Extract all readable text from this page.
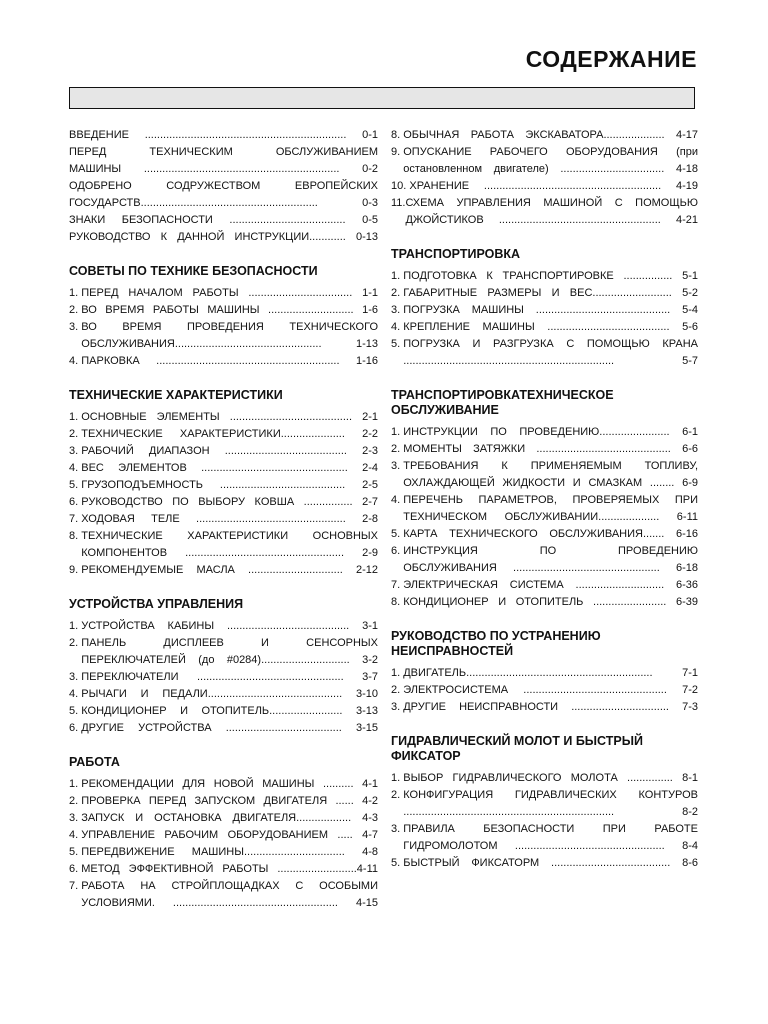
СОДЕРЖАНИЕ
ВВЕДЕНИЕ .................................................................. 0-1
ПЕРЕД ТЕХНИЧЕСКИМ ОБСЛУЖИВАНИЕМ
МАШИНЫ ................................................................ 0-2
ОДОБРЕНО СОДРУЖЕСТВОМ ЕВРОПЕЙСКИХ
ГОСУДАРСТВ.......................................................... 0-3
ЗНАКИ БЕЗОПАСНОСТИ ...................................... 0-5
РУКОВОДСТВО К ДАННОЙ ИНСТРУКЦИИ............ 0-13
СОВЕТЫ ПО ТЕХНИКЕ БЕЗОПАСНОСТИ
1. ПЕРЕД НАЧАЛОМ РАБОТЫ .................................. 1-1
2. ВО ВРЕМЯ РАБОТЫ МАШИНЫ ............................ 1-6
3. ВО ВРЕМЯ ПРОВЕДЕНИЯ ТЕХНИЧЕСКОГО
ОБСЛУЖИВАНИЯ................................................ 1-13
4. ПАРКОВКА ............................................................ 1-16
ТЕХНИЧЕСКИЕ ХАРАКТЕРИСТИКИ
1. ОСНОВНЫЕ ЭЛЕМЕНТЫ ........................................ 2-1
2. ТЕХНИЧЕСКИЕ ХАРАКТЕРИСТИКИ..................... 2-2
3. РАБОЧИЙ ДИАПАЗОН ........................................ 2-3
4. ВЕС ЭЛЕМЕНТОВ ................................................ 2-4
5. ГРУЗОПОДЪЕМНОСТЬ ......................................... 2-5
6. РУКОВОДСТВО ПО ВЫБОРУ КОВША ................ 2-7
7. ХОДОВАЯ ТЕЛЕ ................................................. 2-8
8. ТЕХНИЧЕСКИЕ ХАРАКТЕРИСТИКИ ОСНОВНЫХ
КОМПОНЕНТОВ .................................................... 2-9
9. РЕКОМЕНДУЕМЫЕ МАСЛА ............................... 2-12
УСТРОЙСТВА УПРАВЛЕНИЯ
1. УСТРОЙСТВА КАБИНЫ ........................................ 3-1
2. ПАНЕЛЬ ДИСПЛЕЕВ И СЕНСОРНЫХ
ПЕРЕКЛЮЧАТЕЛЕЙ (до #0284)............................. 3-2
3. ПЕРЕКЛЮЧАТЕЛИ ................................................ 3-7
4. РЫЧАГИ И ПЕДАЛИ............................................ 3-10
5. КОНДИЦИОНЕР И ОТОПИТЕЛЬ........................ 3-13
6. ДРУГИЕ УСТРОЙСТВА ...................................... 3-15
РАБОТА
1. РЕКОМЕНДАЦИИ ДЛЯ НОВОЙ МАШИНЫ .......... 4-1
2. ПРОВЕРКА ПЕРЕД ЗАПУСКОМ ДВИГАТЕЛЯ ...... 4-2
3. ЗАПУСК И ОСТАНОВКА ДВИГАТЕЛЯ.................. 4-3
4. УПРАВЛЕНИЕ РАБОЧИМ ОБОРУДОВАНИЕМ ..... 4-7
5. ПЕРЕДВИЖЕНИЕ МАШИНЫ................................. 4-8
6. МЕТОД ЭФФЕКТИВНОЙ РАБОТЫ ..........................4-11
7. РАБОТА НА СТРОЙПЛОЩАДКАХ С ОСОБЫМИ
УСЛОВИЯМИ. ...................................................... 4-15
8. ОБЫЧНАЯ РАБОТА ЭКСКАВАТОРА.................... 4-17
9. ОПУСКАНИЕ РАБОЧЕГО ОБОРУДОВАНИЯ (при
остановленном двигателе) .................................. 4-18
10. ХРАНЕНИЕ .......................................................... 4-19
11. СХЕМА УПРАВЛЕНИЯ МАШИНОЙ С ПОМОЩЬЮ
ДЖОЙСТИКОВ ..................................................... 4-21
ТРАНСПОРТИРОВКА
1. ПОДГОТОВКА К ТРАНСПОРТИРОВКЕ ................ 5-1
2. ГАБАРИТНЫЕ РАЗМЕРЫ И ВЕС.......................... 5-2
3. ПОГРУЗКА МАШИНЫ ............................................ 5-4
4. КРЕПЛЕНИЕ МАШИНЫ ........................................ 5-6
5. ПОГРУЗКА И РАЗГРУЗКА С ПОМОЩЬЮ КРАНА
..................................................................... 5-7
ТРАНСПОРТИРОВКАТЕХНИЧЕСКОЕ ОБСЛУЖИВАНИЕ
1. ИНСТРУКЦИИ ПО ПРОВЕДЕНИЮ....................... 6-1
2. МОМЕНТЫ ЗАТЯЖКИ ............................................ 6-6
3. ТРЕБОВАНИЯ К ПРИМЕНЯЕМЫМ ТОПЛИВУ,
ОХЛАЖДАЮЩЕЙ ЖИДКОСТИ И СМАЗКАМ ........ 6-9
4. ПЕРЕЧЕНЬ ПАРАМЕТРОВ, ПРОВЕРЯЕМЫХ ПРИ
ТЕХНИЧЕСКОМ ОБСЛУЖИВАНИИ.................... 6-11
5. КАРТА ТЕХНИЧЕСКОГО ОБСЛУЖИВАНИЯ....... 6-16
6. ИНСТРУКЦИЯ ПО ПРОВЕДЕНИЮ
ОБСЛУЖИВАНИЯ ................................................ 6-18
7. ЭЛЕКТРИЧЕСКАЯ СИСТЕМА ............................. 6-36
8. КОНДИЦИОНЕР И ОТОПИТЕЛЬ ........................ 6-39
РУКОВОДСТВО ПО УСТРАНЕНИЮ НЕИСПРАВНОСТЕЙ
1. ДВИГАТЕЛЬ............................................................. 7-1
2. ЭЛЕКТРОСИСТЕМА ............................................... 7-2
3. ДРУГИЕ НЕИСПРАВНОСТИ ................................ 7-3
ГИДРАВЛИЧЕСКИЙ МОЛОТ И БЫСТРЫЙ ФИКСАТОР
1. ВЫБОР ГИДРАВЛИЧЕСКОГО МОЛОТА ............... 8-1
2. КОНФИГУРАЦИЯ ГИДРАВЛИЧЕСКИХ КОНТУРОВ
..................................................................... 8-2
3. ПРАВИЛА БЕЗОПАСНОСТИ ПРИ РАБОТЕ
ГИДРОМОЛОТОМ ................................................. 8-4
5. БЫСТРЫЙ ФИКСАТОРМ ....................................... 8-6
